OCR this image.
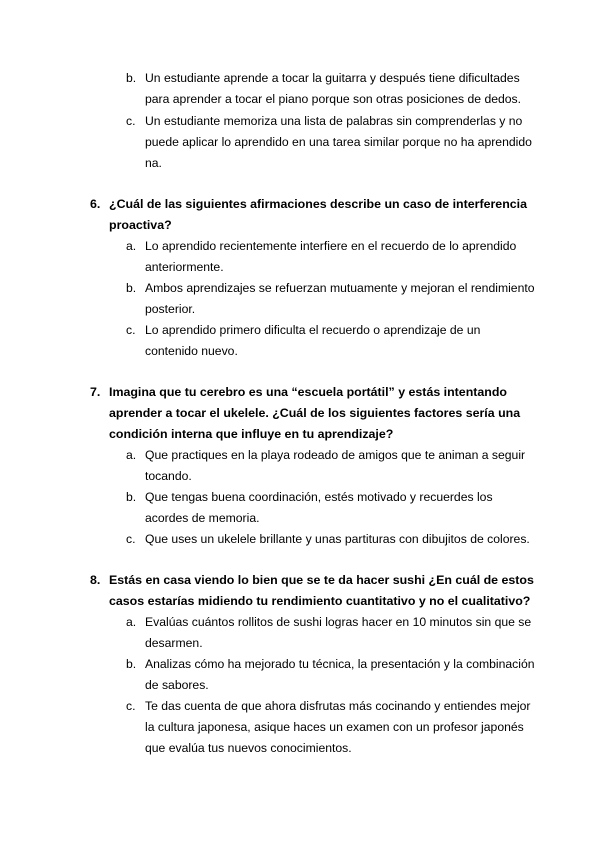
b. Un estudiante aprende a tocar la guitarra y después tiene dificultades para aprender a tocar el piano porque son otras posiciones de dedos.
c. Un estudiante memoriza una lista de palabras sin comprenderlas y no puede aplicar lo aprendido en una tarea similar porque no ha aprendido na.
6. ¿Cuál de las siguientes afirmaciones describe un caso de interferencia proactiva?
a. Lo aprendido recientemente interfiere en el recuerdo de lo aprendido anteriormente.
b. Ambos aprendizajes se refuerzan mutuamente y mejoran el rendimiento posterior.
c. Lo aprendido primero dificulta el recuerdo o aprendizaje de un contenido nuevo.
7. Imagina que tu cerebro es una “escuela portátil” y estás intentando aprender a tocar el ukelele. ¿Cuál de los siguientes factores sería una condición interna que influye en tu aprendizaje?
a. Que practiques en la playa rodeado de amigos que te animan a seguir tocando.
b. Que tengas buena coordinación, estés motivado y recuerdes los acordes de memoria.
c. Que uses un ukelele brillante y unas partituras con dibujitos de colores.
8. Estás en casa viendo lo bien que se te da hacer sushi ¿En cuál de estos casos estarías midiendo tu rendimiento cuantitativo y no el cualitativo?
a. Evalúas cuántos rollitos de sushi logras hacer en 10 minutos sin que se desarmen.
b. Analizas cómo ha mejorado tu técnica, la presentación y la combinación de sabores.
c. Te das cuenta de que ahora disfrutas más cocinando y entiendes mejor la cultura japonesa, asique haces un examen con un profesor japonés que evalúa tus nuevos conocimientos.
